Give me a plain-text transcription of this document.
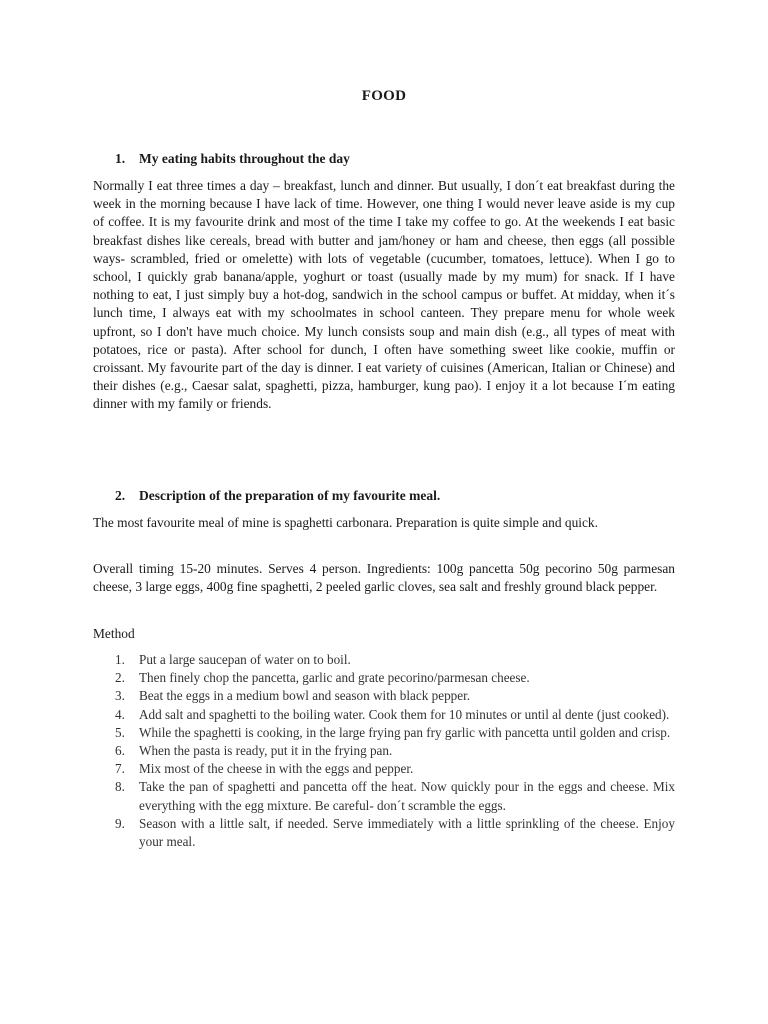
FOOD
1. My eating habits throughout the day

Normally I eat three times a day – breakfast, lunch and dinner. But usually, I don´t eat breakfast during the week in the morning because I have lack of time. However, one thing I would never leave aside is my cup of coffee. It is my favourite drink and most of the time I take my coffee to go. At the weekends I eat basic breakfast dishes like cereals, bread with butter and jam/honey or ham and cheese, then eggs (all possible ways- scrambled, fried or omelette) with lots of vegetable (cucumber, tomatoes, lettuce). When I go to school, I quickly grab banana/apple, yoghurt or toast (usually made by my mum) for snack. If I have nothing to eat, I just simply buy a hot-dog, sandwich in the school campus or buffet. At midday, when it´s lunch time, I always eat with my schoolmates in school canteen. They prepare menu for whole week upfront, so I don't have much choice. My lunch consists soup and main dish (e.g., all types of meat with potatoes, rice or pasta). After school for dunch, I often have something sweet like cookie, muffin or croissant. My favourite part of the day is dinner. I eat variety of cuisines (American, Italian or Chinese) and their dishes (e.g., Caesar salat, spaghetti, pizza, hamburger, kung pao). I enjoy it a lot because I´m eating dinner with my family or friends.

2. Description of the preparation of my favourite meal.

The most favourite meal of mine is spaghetti carbonara. Preparation is quite simple and quick.

Overall timing 15-20 minutes. Serves 4 person. Ingredients: 100g pancetta 50g pecorino 50g parmesan cheese, 3 large eggs, 400g fine spaghetti, 2 peeled garlic cloves, sea salt and freshly ground black pepper.

Method
1. Put a large saucepan of water on to boil.
2. Then finely chop the pancetta, garlic and grate pecorino/parmesan cheese.
3. Beat the eggs in a medium bowl and season with black pepper.
4. Add salt and spaghetti to the boiling water. Cook them for 10 minutes or until al dente (just cooked).
5. While the spaghetti is cooking, in the large frying pan fry garlic with pancetta until golden and crisp.
6. When the pasta is ready, put it in the frying pan.
7. Mix most of the cheese in with the eggs and pepper.
8. Take the pan of spaghetti and pancetta off the heat. Now quickly pour in the eggs and cheese. Mix everything with the egg mixture. Be careful- don´t scramble the eggs.
9. Season with a little salt, if needed. Serve immediately with a little sprinkling of the cheese. Enjoy your meal.
